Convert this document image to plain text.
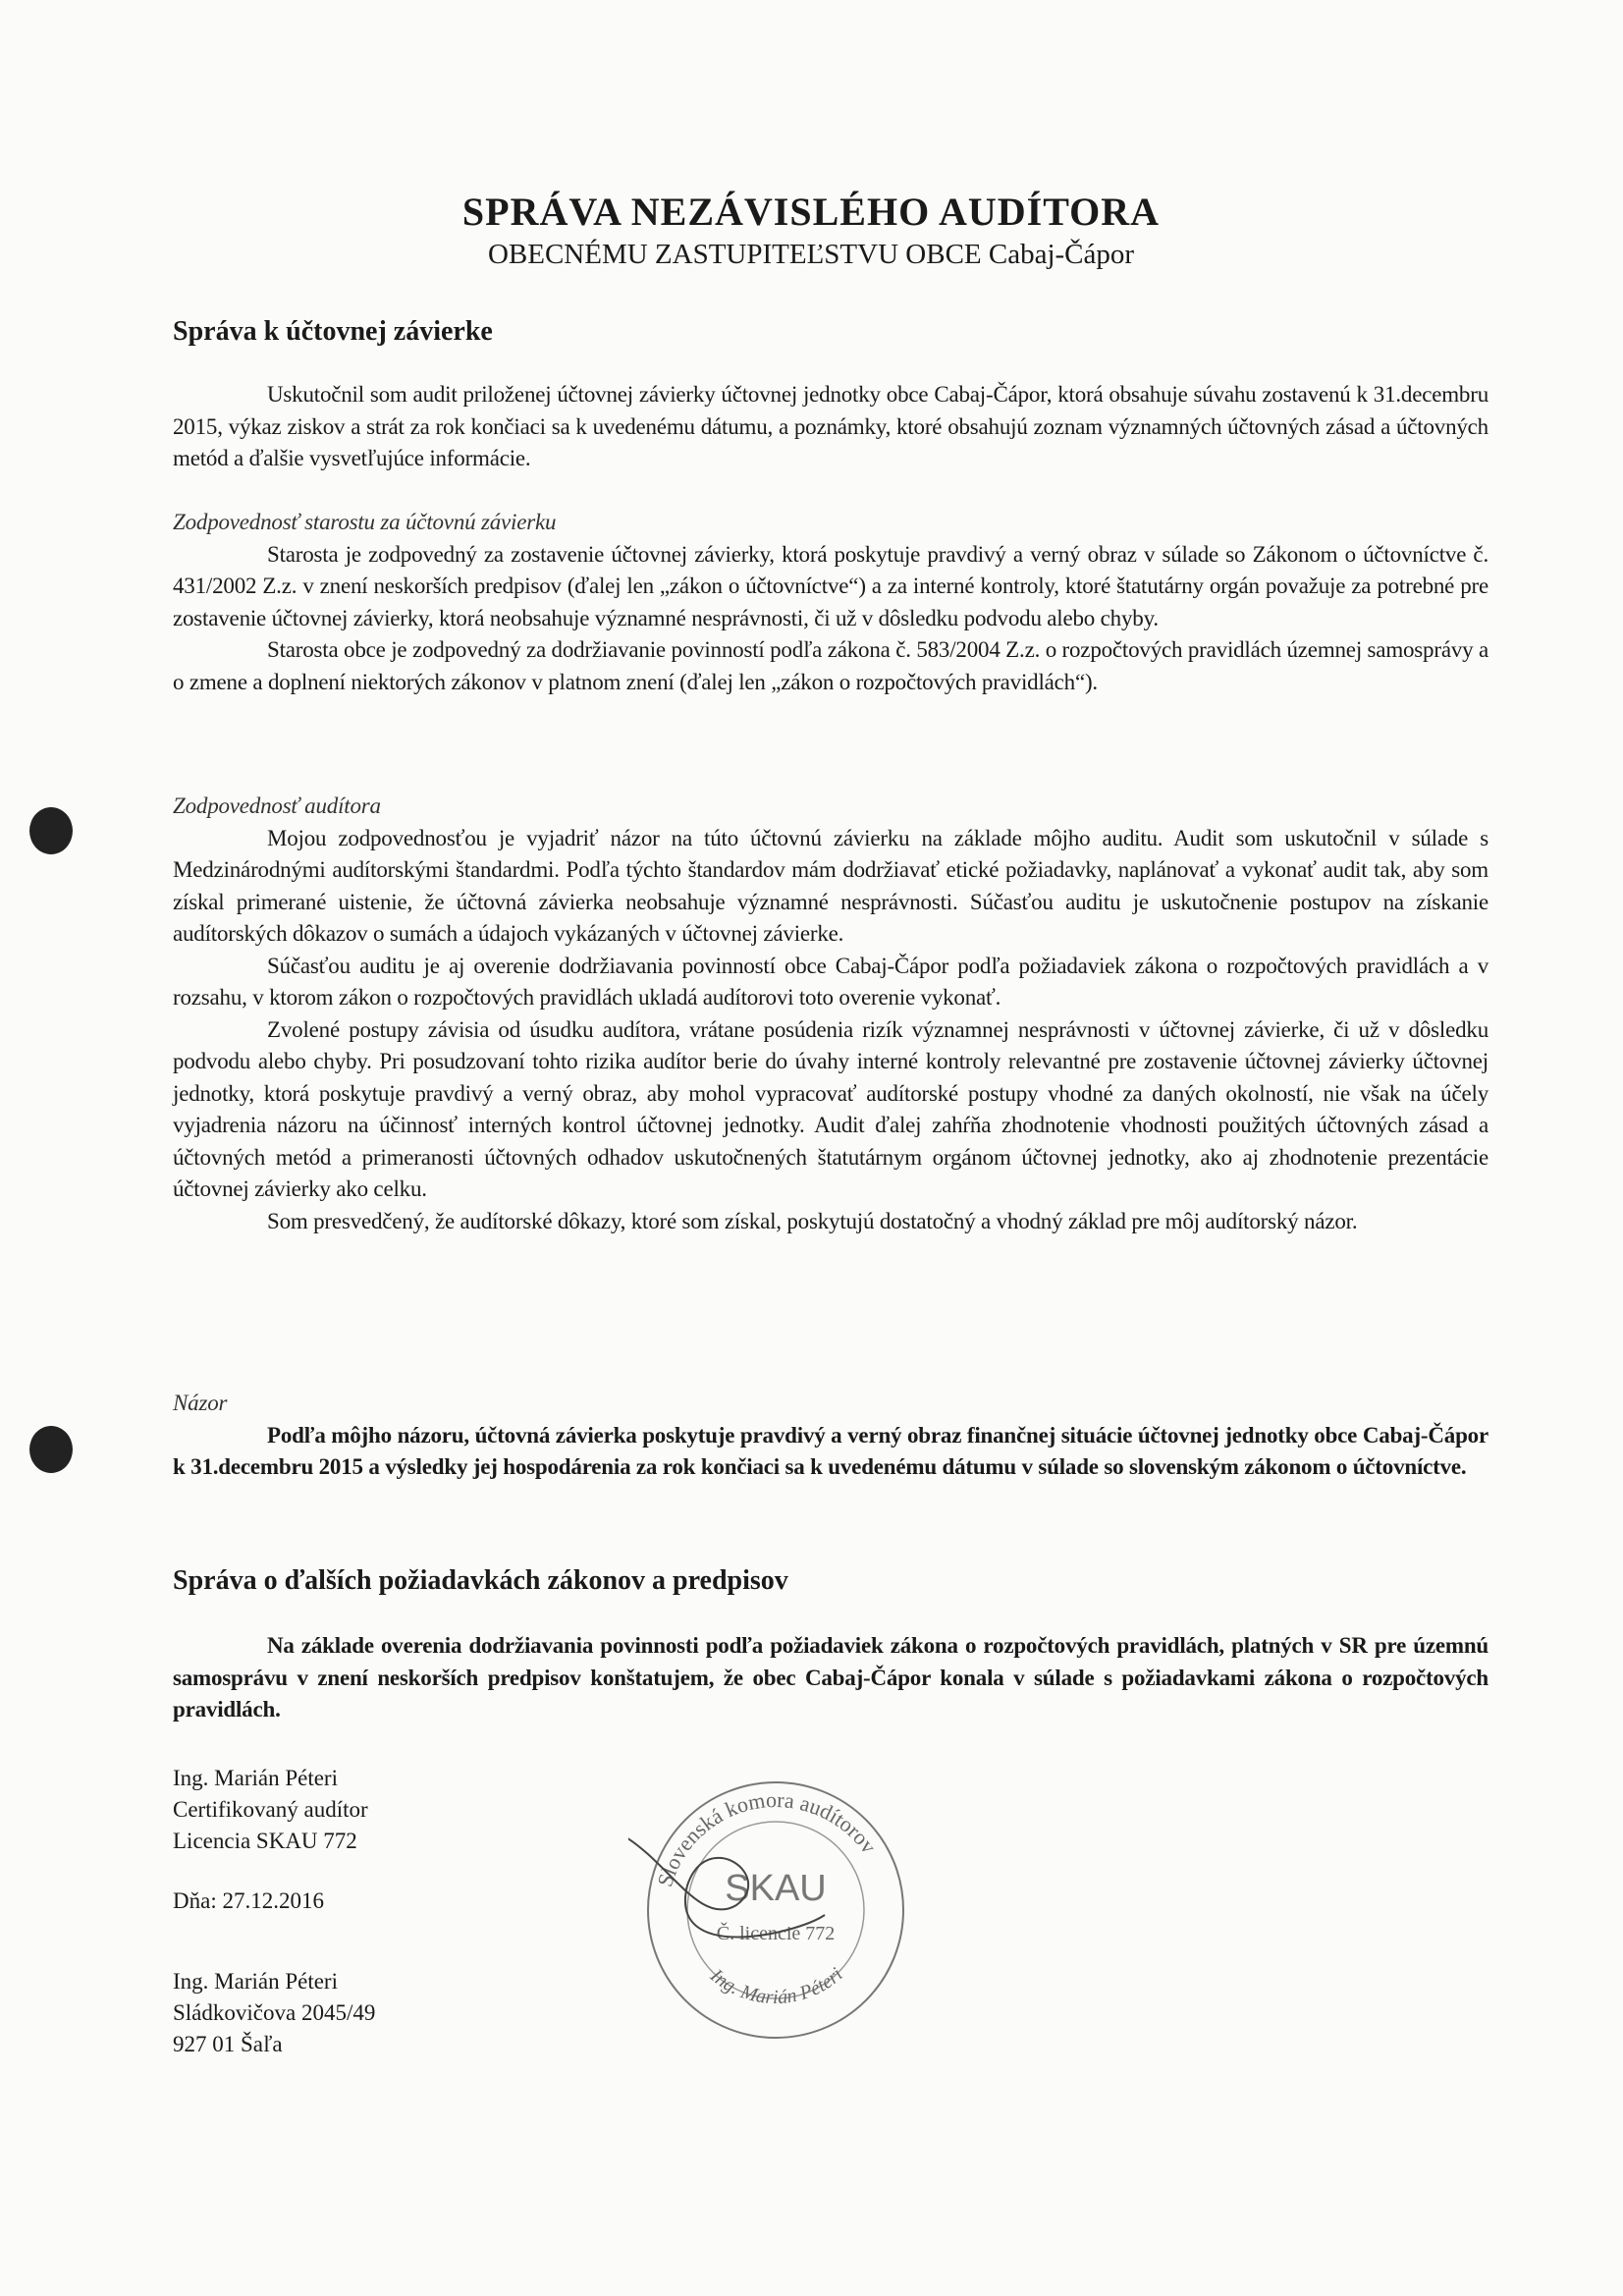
SPRÁVA NEZÁVISLÉHO AUDÍTORA
OBECNÉMU ZASTUPITEĽSTVU OBCE Cabaj-Čápor
Správa k účtovnej závierke

Uskutočnil som audit priloženej účtovnej závierky účtovnej jednotky obce Cabaj-Čápor, ktorá obsahuje súvahu zostavenú k 31.decembru 2015, výkaz ziskov a strát za rok končiaci sa k uvedenému dátumu, a poznámky, ktoré obsahujú zoznam významných účtovných zásad a účtovných metód a ďalšie vysvetľujúce informácie.

Zodpovednosť starostu za účtovnú závierku

Starosta je zodpovedný za zostavenie účtovnej závierky, ktorá poskytuje pravdivý a verný obraz v súlade so Zákonom o účtovníctve č. 431/2002 Z.z. v znení neskorších predpisov (ďalej len „zákon o účtovníctve“) a za interné kontroly, ktoré štatutárny orgán považuje za potrebné pre zostavenie účtovnej závierky, ktorá neobsahuje významné nesprávnosti, či už v dôsledku podvodu alebo chyby.

Starosta obce je zodpovedný za dodržiavanie povinností podľa zákona č. 583/2004 Z.z. o rozpočtových pravidlách územnej samosprávy a o zmene a doplnení niektorých zákonov v platnom znení (ďalej len „zákon o rozpočtových pravidlách“).

Zodpovednosť audítora

Mojou zodpovednosťou je vyjadriť názor na túto účtovnú závierku na základe môjho auditu. Audit som uskutočnil v súlade s Medzinárodnými audítorskými štandardmi. Podľa týchto štandardov mám dodržiavať etické požiadavky, naplánovať a vykonať audit tak, aby som získal primerané uistenie, že účtovná závierka neobsahuje významné nesprávnosti. Súčasťou auditu je uskutočnenie postupov na získanie audítorských dôkazov o sumách a údajoch vykázaných v účtovnej závierke.

Súčasťou auditu je aj overenie dodržiavania povinností obce Cabaj-Čápor podľa požiadaviek zákona o rozpočtových pravidlách a v rozsahu, v ktorom zákon o rozpočtových pravidlách ukladá audítorovi toto overenie vykonať.

Zvolené postupy závisia od úsudku audítora, vrátane posúdenia rizík významnej nesprávnosti v účtovnej závierke, či už v dôsledku podvodu alebo chyby. Pri posudzovaní tohto rizika audítor berie do úvahy interné kontroly relevantné pre zostavenie účtovnej závierky účtovnej jednotky, ktorá poskytuje pravdivý a verný obraz, aby mohol vypracovať audítorské postupy vhodné za daných okolností, nie však na účely vyjadrenia názoru na účinnosť interných kontrol účtovnej jednotky. Audit ďalej zahŕňa zhodnotenie vhodnosti použitých účtovných zásad a účtovných metód a primeranosti účtovných odhadov uskutočnených štatutárnym orgánom účtovnej jednotky, ako aj zhodnotenie prezentácie účtovnej závierky ako celku.

Som presvedčený, že audítorské dôkazy, ktoré som získal, poskytujú dostatočný a vhodný základ pre môj audítorský názor.

Názor

Podľa môjho názoru, účtovná závierka poskytuje pravdivý a verný obraz finančnej situácie účtovnej jednotky obce Cabaj-Čápor k 31.decembru 2015 a výsledky jej hospodárenia za rok končiaci sa k uvedenému dátumu v súlade so slovenským zákonom o účtovníctve.

Správa o ďalších požiadavkách zákonov a predpisov

Na základe overenia dodržiavania povinnosti podľa požiadaviek zákona o rozpočtových pravidlách, platných v SR pre územnú samosprávu v znení neskorších predpisov konštatujem, že obec Cabaj-Čápor konala v súlade s požiadavkami zákona o rozpočtových pravidlách.

Ing. Marián Péteri
Certifikovaný audítor
Licencia SKAU 772
Dňa: 27.12.2016
Ing. Marián Péteri
Sládkovičova 2045/49
927 01 Šaľa
Slovenská komora audítorov
Ing. Marián Péteri
SKAU
Č. licencie 772
